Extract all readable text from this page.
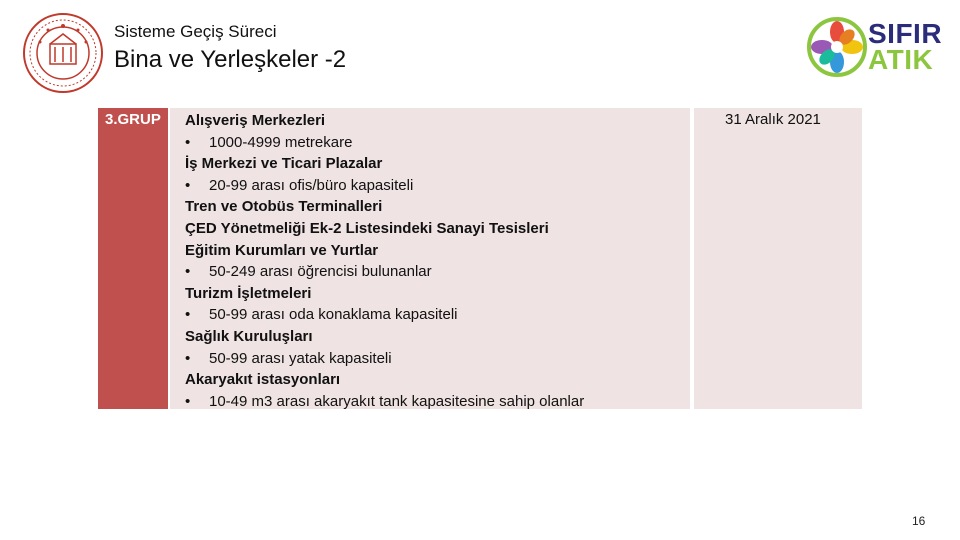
Sisteme Geçiş Süreci
Bina ve Yerleşkeler -2
SIFIR
ATIK
3.GRUP	Alışveriş Merkezleri
• 1000-4999 metrekare
İş Merkezi ve Ticari Plazalar
• 20-99 arası ofis/büro kapasiteli
Tren ve Otobüs Terminalleri
ÇED Yönetmeliği Ek-2 Listesindeki Sanayi Tesisleri
Eğitim Kurumları ve Yurtlar
• 50-249 arası öğrencisi bulunanlar
Turizm İşletmeleri
• 50-99 arası oda konaklama kapasiteli
Sağlık Kuruluşları
• 50-99 arası yatak kapasiteli
Akaryakıt istasyonları
• 10-49 m3 arası akaryakıt tank kapasitesine sahip olanlar
31 Aralık 2021
16
